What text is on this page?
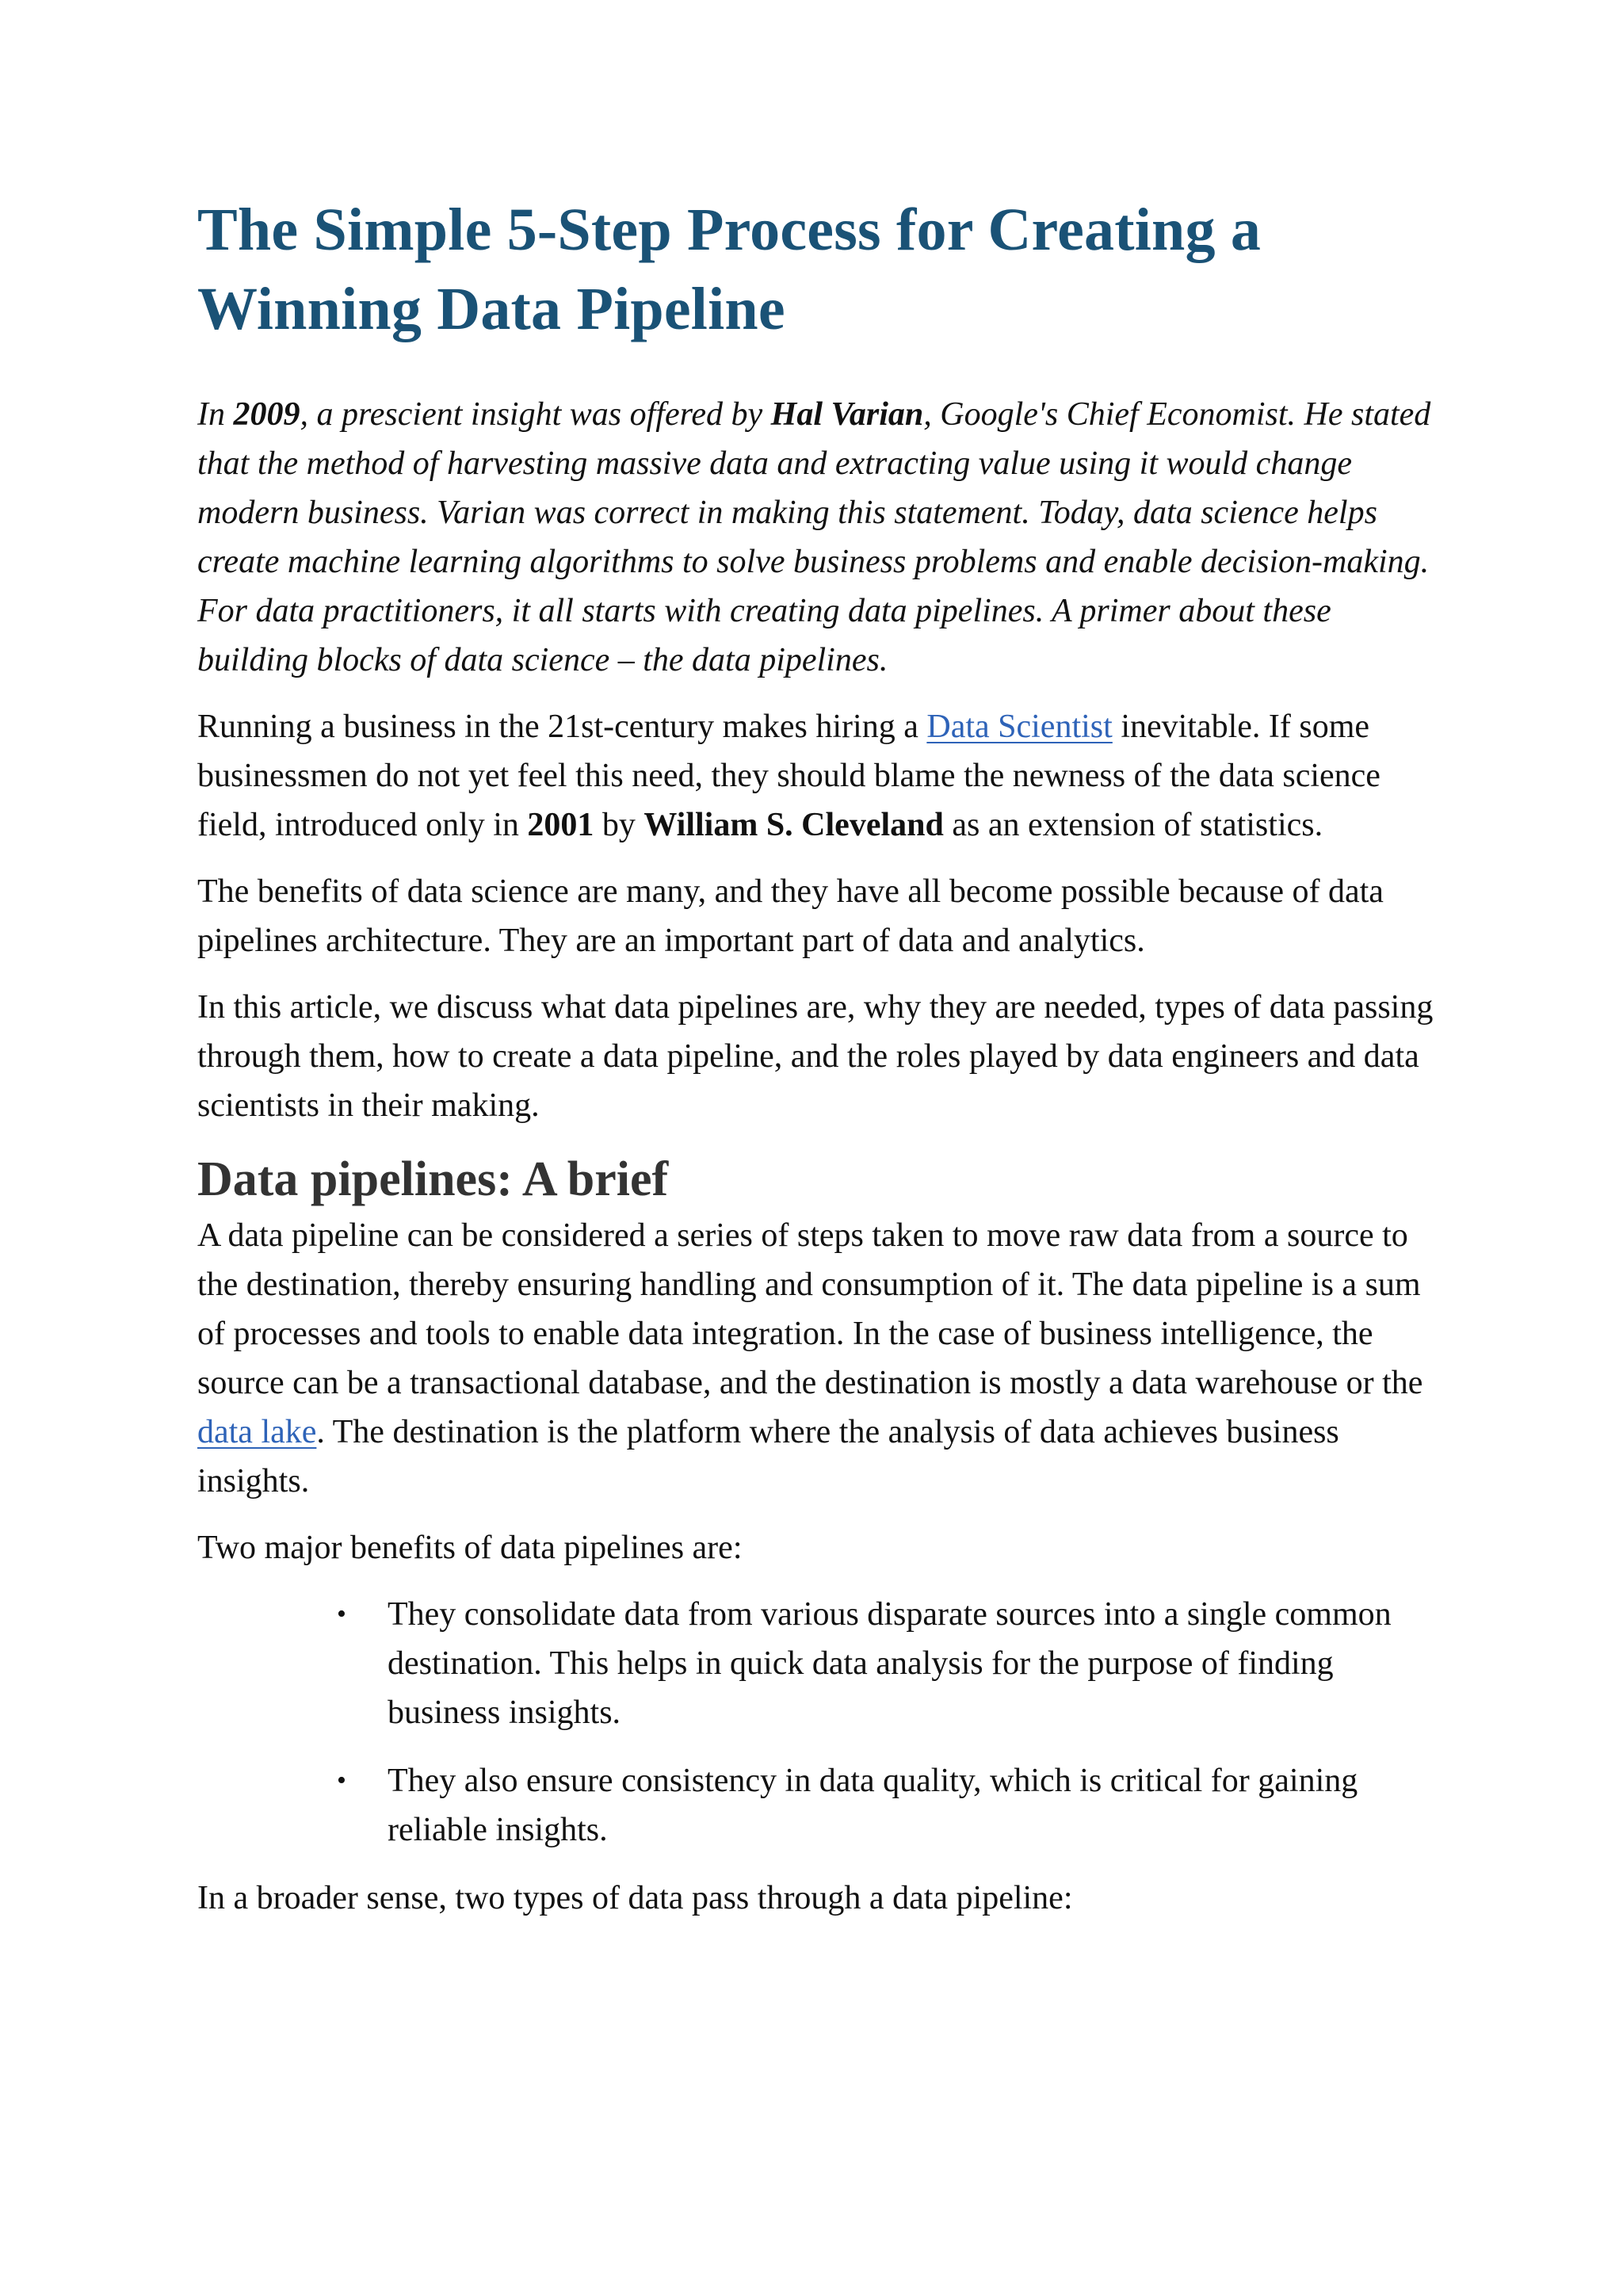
The Simple 5-Step Process for Creating a Winning Data Pipeline

In 2009, a prescient insight was offered by Hal Varian, Google's Chief Economist. He stated that the method of harvesting massive data and extracting value using it would change modern business. Varian was correct in making this statement. Today, data science helps create machine learning algorithms to solve business problems and enable decision-making. For data practitioners, it all starts with creating data pipelines. A primer about these building blocks of data science – the data pipelines.

Running a business in the 21st-century makes hiring a Data Scientist inevitable. If some businessmen do not yet feel this need, they should blame the newness of the data science field, introduced only in 2001 by William S. Cleveland as an extension of statistics.

The benefits of data science are many, and they have all become possible because of data pipelines architecture. They are an important part of data and analytics.

In this article, we discuss what data pipelines are, why they are needed, types of data passing through them, how to create a data pipeline, and the roles played by data engineers and data scientists in their making.

Data pipelines: A brief

A data pipeline can be considered a series of steps taken to move raw data from a source to the destination, thereby ensuring handling and consumption of it. The data pipeline is a sum of processes and tools to enable data integration. In the case of business intelligence, the source can be a transactional database, and the destination is mostly a data warehouse or the data lake. The destination is the platform where the analysis of data achieves business insights.

Two major benefits of data pipelines are:

• They consolidate data from various disparate sources into a single common destination. This helps in quick data analysis for the purpose of finding business insights.
• They also ensure consistency in data quality, which is critical for gaining reliable insights.

In a broader sense, two types of data pass through a data pipeline:
